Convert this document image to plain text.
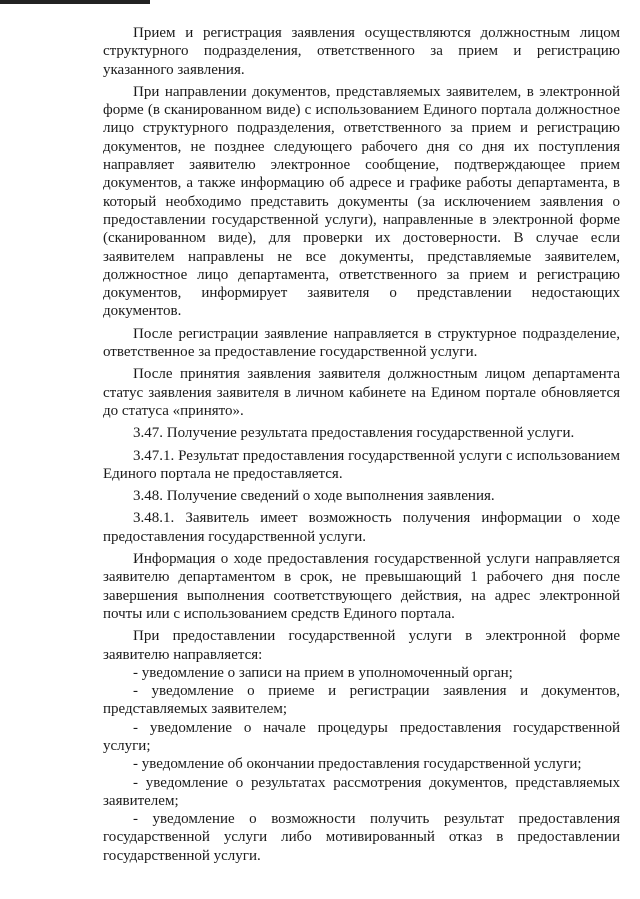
Прием и регистрация заявления осуществляются должностным лицом структурного подразделения, ответственного за прием и регистрацию указанного заявления.

При направлении документов, представляемых заявителем, в электронной форме (в сканированном виде) с использованием Единого портала должностное лицо структурного подразделения, ответственного за прием и регистрацию документов, не позднее следующего рабочего дня со дня их поступления направляет заявителю электронное сообщение, подтверждающее прием документов, а также информацию об адресе и графике работы департамента, в который необходимо представить документы (за исключением заявления о предоставлении государственной услуги), направленные в электронной форме (сканированном виде), для проверки их достоверности. В случае если заявителем направлены не все документы, представляемые заявителем, должностное лицо департамента, ответственного за прием и регистрацию документов, информирует заявителя о представлении недостающих документов.

После регистрации заявление направляется в структурное подразделение, ответственное за предоставление государственной услуги.

После принятия заявления заявителя должностным лицом департамента статус заявления заявителя в личном кабинете на Едином портале обновляется до статуса «принято».

3.47. Получение результата предоставления государственной услуги.

3.47.1. Результат предоставления государственной услуги с использованием Единого портала не предоставляется.

3.48. Получение сведений о ходе выполнения заявления.

3.48.1. Заявитель имеет возможность получения информации о ходе предоставления государственной услуги.

Информация о ходе предоставления государственной услуги направляется заявителю департаментом в срок, не превышающий 1 рабочего дня после завершения выполнения соответствующего действия, на адрес электронной почты или с использованием средств Единого портала.

При предоставлении государственной услуги в электронной форме заявителю направляется:

- уведомление о записи на прием в уполномоченный орган;

- уведомление о приеме и регистрации заявления и документов, представляемых заявителем;

- уведомление о начале процедуры предоставления государственной услуги;

- уведомление об окончании предоставления государственной услуги;

- уведомление о результатах рассмотрения документов, представляемых заявителем;

- уведомление о возможности получить результат предоставления государственной услуги либо мотивированный отказ в предоставлении государственной услуги.
